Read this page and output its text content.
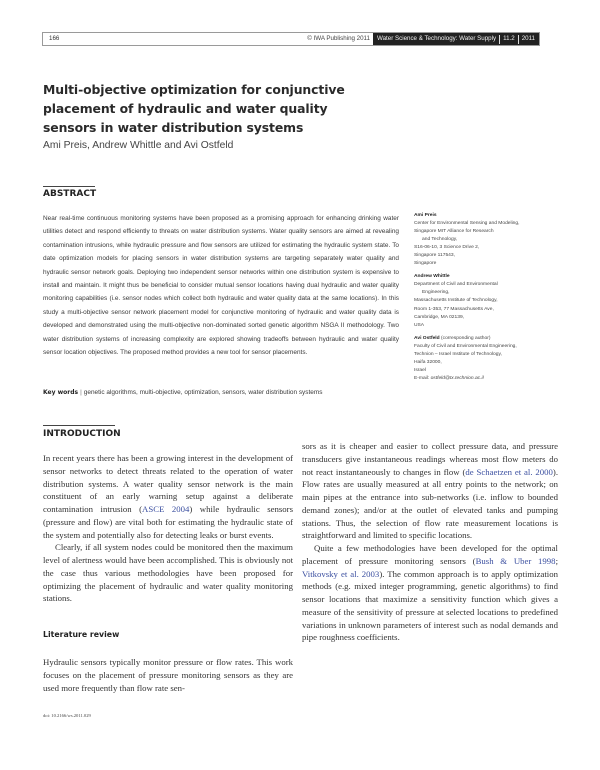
166	© IWA Publishing 2011	Water Science & Technology: Water Supply 11.2 2011
Multi-objective optimization for conjunctive placement of hydraulic and water quality sensors in water distribution systems
Ami Preis, Andrew Whittle and Avi Ostfeld
ABSTRACT
Near real-time continuous monitoring systems have been proposed as a promising approach for enhancing drinking water utilities detect and respond efficiently to threats on water distribution systems. Water quality sensors are aimed at revealing contamination intrusions, while hydraulic pressure and flow sensors are utilized for estimating the hydraulic system state. To date optimization models for placing sensors in water distribution systems are targeting separately water quality and hydraulic sensor network goals. Deploying two independent sensor networks within one distribution system is expensive to install and maintain. It might thus be beneficial to consider mutual sensor locations having dual hydraulic and water quality monitoring capabilities (i.e. sensor nodes which collect both hydraulic and water quality data at the same locations). In this study a multi-objective sensor network placement model for conjunctive monitoring of hydraulic and water quality data is developed and demonstrated using the multi-objective non-dominated sorted genetic algorithm NSGA II methodology. Two water distribution systems of increasing complexity are explored showing tradeoffs between hydraulic and water quality sensor location objectives. The proposed method provides a new tool for sensor placements.
Key words | genetic algorithms, multi-objective, optimization, sensors, water distribution systems
Ami Preis
Center for Environmental Sensing and Modeling,
Singapore MIT Alliance for Research
and Technology,
S16-06-10, 3 Science Drive 2,
Singapore 117543,
Singapore
Andrew Whittle
Department of Civil and Environmental
Engineering,
Massachusetts Institute of Technology,
Room 1-353, 77 Massachusetts Ave,
Cambridge, MA 02139,
USA
Avi Ostfeld (corresponding author)
Faculty of Civil and Environmental Engineering,
Technion – Israel Institute of Technology,
Haifa 32000,
Israel
E-mail: ostfeld@tx.technion.ac.il
INTRODUCTION

In recent years there has been a growing interest in the development of sensor networks to detect threats related to the operation of water distribution systems. A water quality sensor network is the main constituent of an early warning setup against a deliberate contamination intrusion (ASCE 2004) while hydraulic sensors (pressure and flow) are vital both for estimating the hydraulic state of the system and potentially also for detecting leaks or burst events.

Clearly, if all system nodes could be monitored then the maximum level of alertness would have been accomplished. This is obviously not the case thus various methodologies have been proposed for optimizing the placement of hydraulic and water quality monitoring stations.

Literature review

Hydraulic sensors typically monitor pressure or flow rates. This work focuses on the placement of pressure monitoring sensors as they are used more frequently than flow rate sen-

sors as it is cheaper and easier to collect pressure data, and pressure transducers give instantaneous readings whereas most flow meters do not react instantaneously to changes in flow (de Schaetzen et al. 2000). Flow rates are usually measured at all entry points to the network; on main pipes at the entrance into sub-networks (i.e. inflow to bounded demand zones); and/or at the outlet of elevated tanks and pumping stations. Thus, the selection of flow rate measurement locations is straightforward and limited to specific locations.

Quite a few methodologies have been developed for the optimal placement of pressure monitoring sensors (Bush & Uber 1998; Vitkovsky et al. 2003). The common approach is to apply optimization methods (e.g. mixed integer programming, genetic algorithms) to find sensor locations that maximize a sensitivity function which gives a measure of the sensitivity of pressure at selected locations to predefined variations in unknown parameters of interest such as nodal demands and pipe roughness coefficients.

doi: 10.2166/ws.2011.029
